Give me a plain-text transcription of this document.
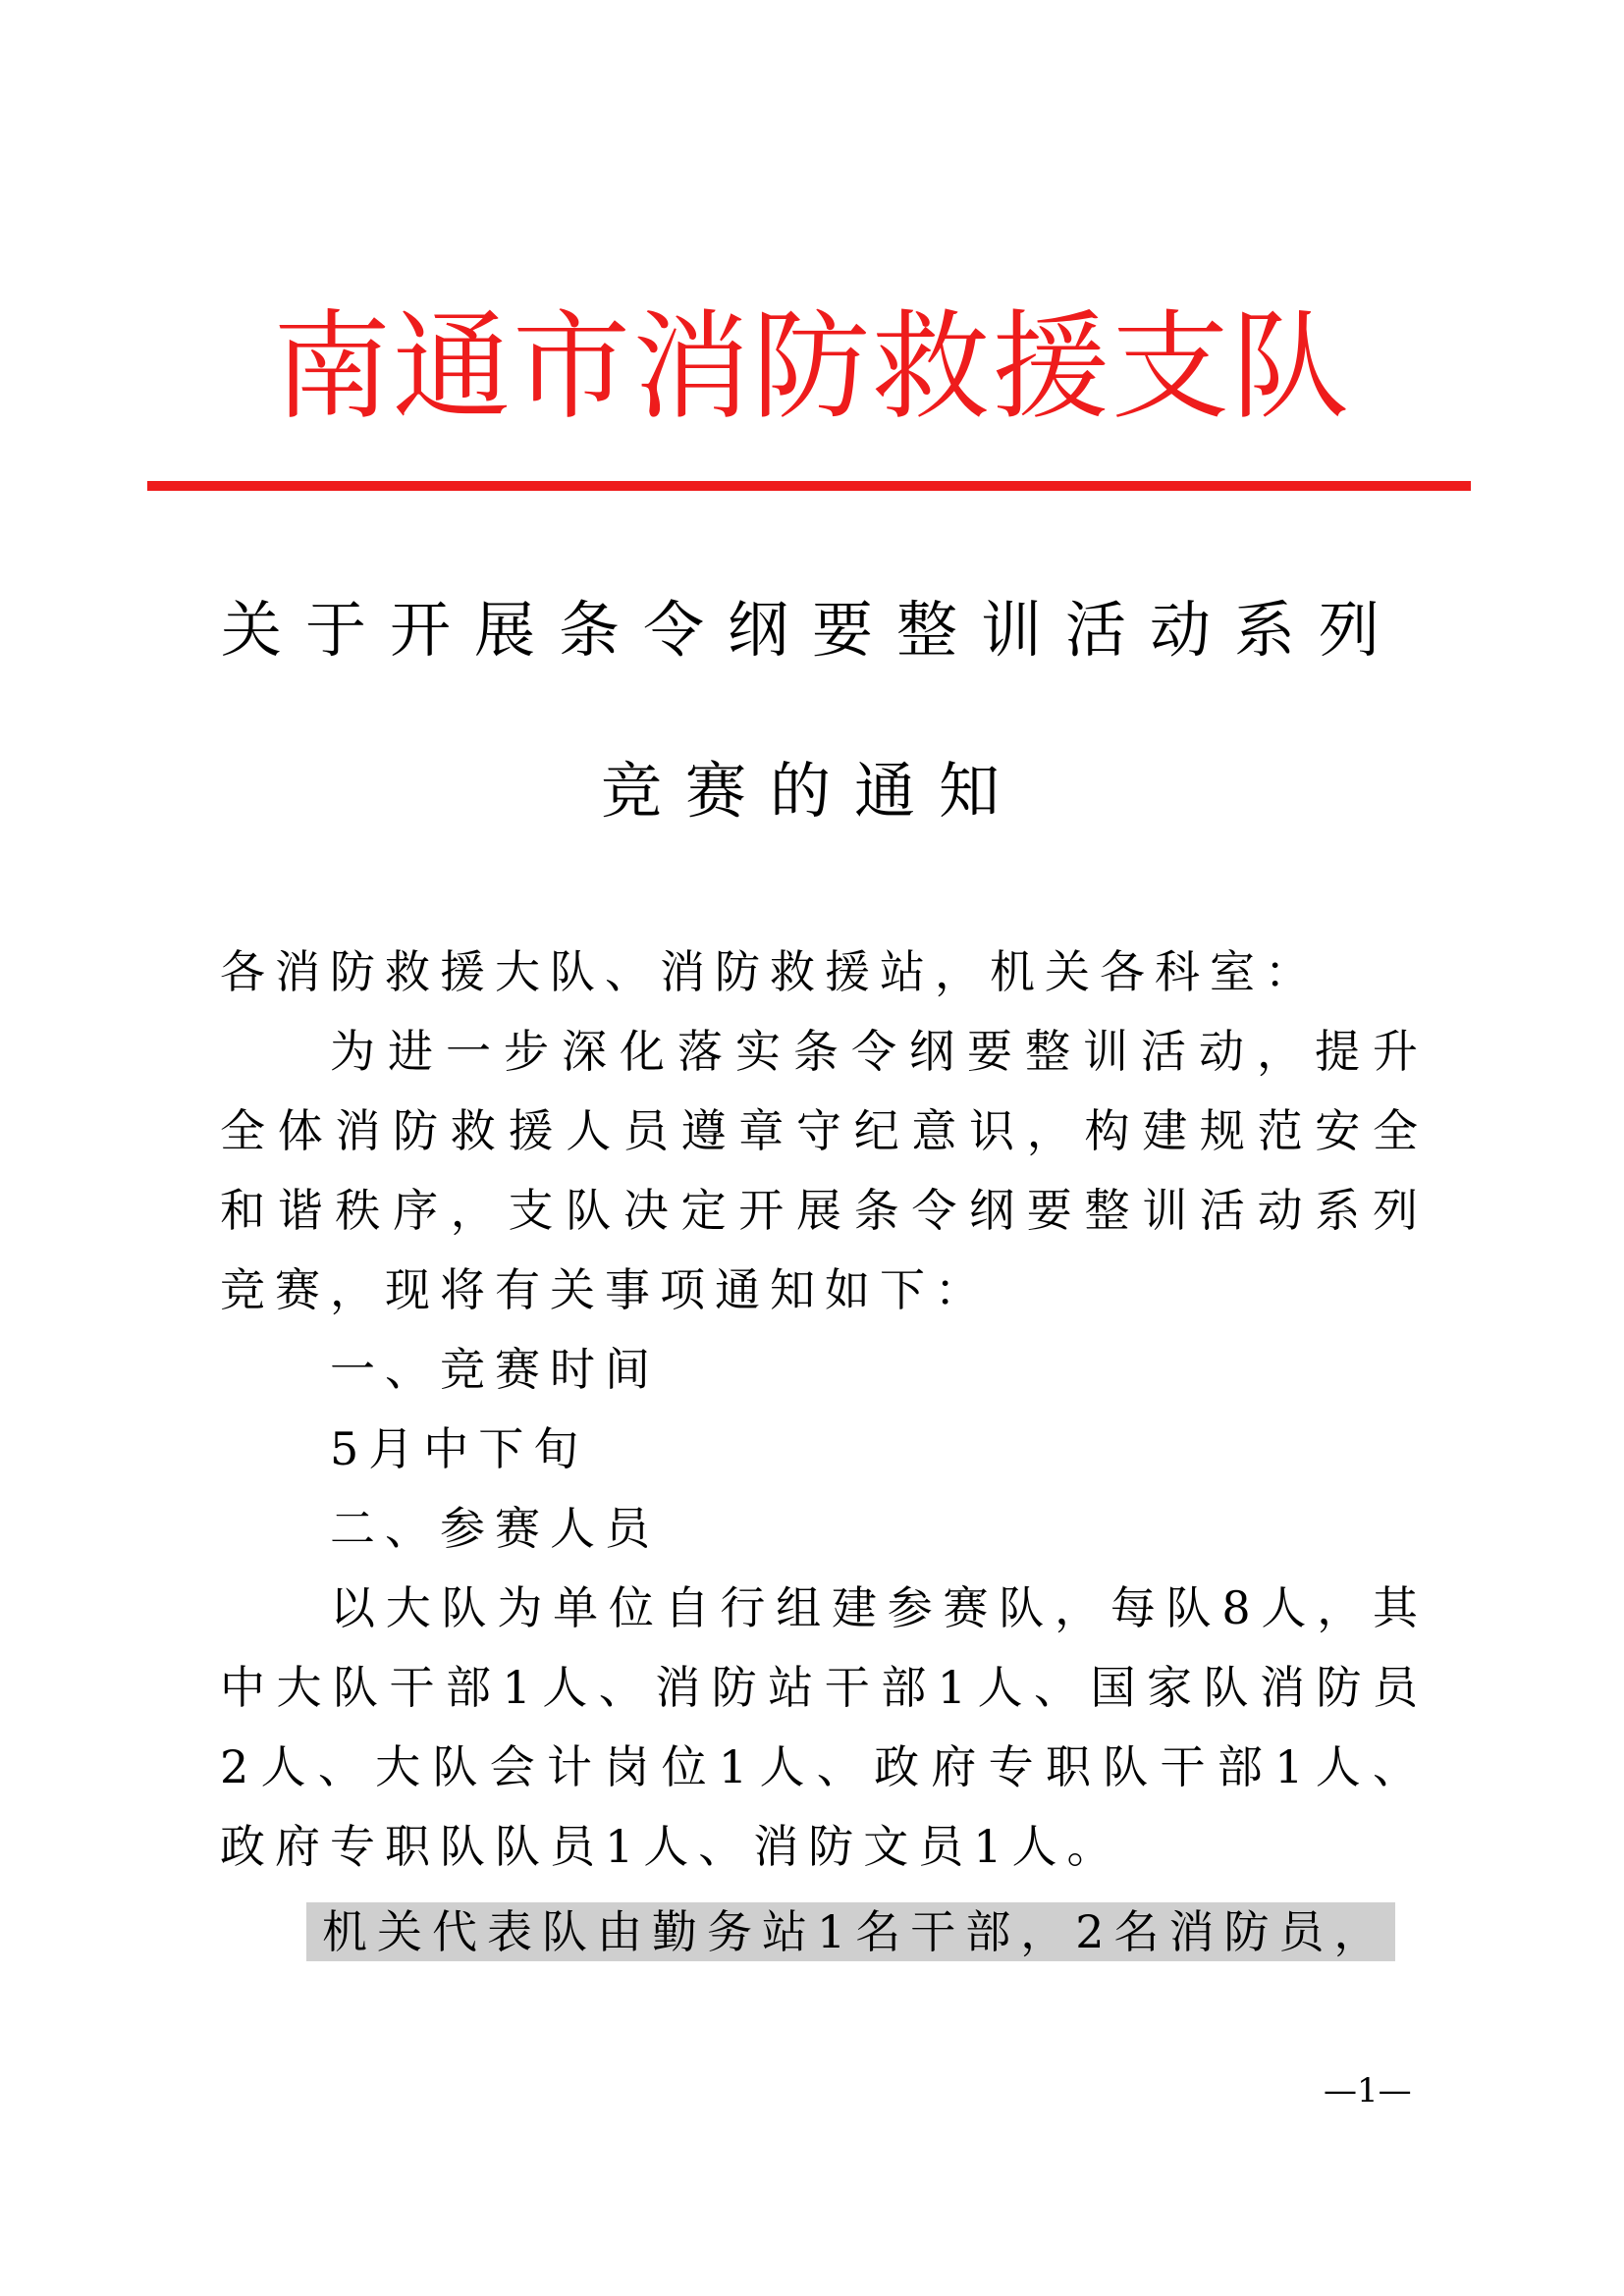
南通市消防救援支队
关于开展条令纲要整训活动系列
竞赛的通知

各消防救援大队、消防救援站，机关各科室：

为进一步深化落实条令纲要整训活动，提升全体消防救援人员遵章守纪意识，构建规范安全和谐秩序，支队决定开展条令纲要整训活动系列竞赛，现将有关事项通知如下：

一、竞赛时间

5月中下旬

二、参赛人员

以大队为单位自行组建参赛队，每队8人，其中大队干部1人、消防站干部1人、国家队消防员2人、大队会计岗位1人、政府专职队干部1人、政府专职队队员1人、消防文员1人。

机关代表队由勤务站1名干部，2名消防员，

—1—
